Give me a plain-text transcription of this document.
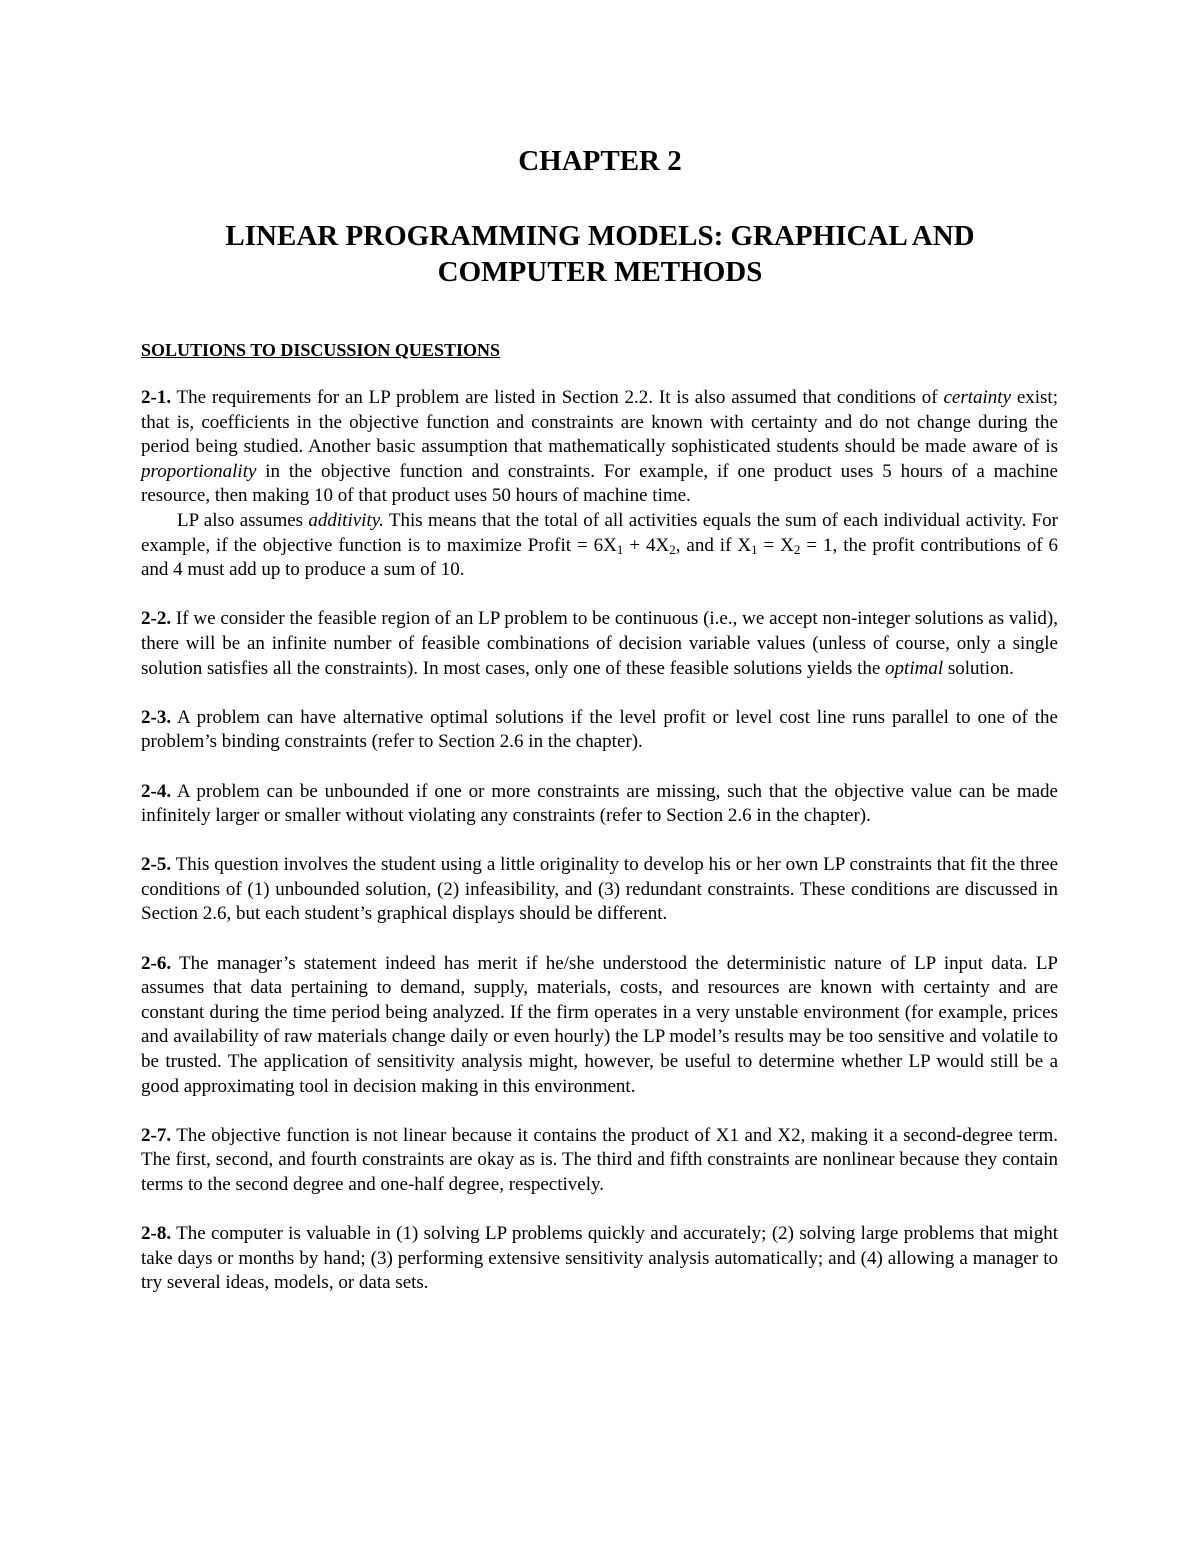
CHAPTER 2
LINEAR PROGRAMMING MODELS: GRAPHICAL AND
COMPUTER METHODS
SOLUTIONS TO DISCUSSION QUESTIONS

2-1. The requirements for an LP problem are listed in Section 2.2. It is also assumed that conditions of certainty exist; that is, coefficients in the objective function and constraints are known with certainty and do not change during the period being studied. Another basic assumption that mathematically sophisticated students should be made aware of is proportionality in the objective function and constraints. For example, if one product uses 5 hours of a machine resource, then making 10 of that product uses 50 hours of machine time.

LP also assumes additivity. This means that the total of all activities equals the sum of each individual activity. For example, if the objective function is to maximize Profit = $6X_1 + 4X_2$, and if $X_1 = X_2 = 1$, the profit contributions of 6 and 4 must add up to produce a sum of 10.

2-2. If we consider the feasible region of an LP problem to be continuous (i.e., we accept non-integer solutions as valid), there will be an infinite number of feasible combinations of decision variable values (unless of course, only a single solution satisfies all the constraints). In most cases, only one of these feasible solutions yields the optimal solution.

2-3. A problem can have alternative optimal solutions if the level profit or level cost line runs parallel to one of the problem’s binding constraints (refer to Section 2.6 in the chapter).

2-4. A problem can be unbounded if one or more constraints are missing, such that the objective value can be made infinitely larger or smaller without violating any constraints (refer to Section 2.6 in the chapter).

2-5. This question involves the student using a little originality to develop his or her own LP constraints that fit the three conditions of (1) unbounded solution, (2) infeasibility, and (3) redundant constraints. These conditions are discussed in Section 2.6, but each student’s graphical displays should be different.

2-6. The manager’s statement indeed has merit if he/she understood the deterministic nature of LP input data. LP assumes that data pertaining to demand, supply, materials, costs, and resources are known with certainty and are constant during the time period being analyzed. If the firm operates in a very unstable environment (for example, prices and availability of raw materials change daily or even hourly) the LP model’s results may be too sensitive and volatile to be trusted. The application of sensitivity analysis might, however, be useful to determine whether LP would still be a good approximating tool in decision making in this environment.

2-7. The objective function is not linear because it contains the product of X1 and X2, making it a second-degree term. The first, second, and fourth constraints are okay as is. The third and fifth constraints are nonlinear because they contain terms to the second degree and one-half degree, respectively.

2-8. The computer is valuable in (1) solving LP problems quickly and accurately; (2) solving large problems that might take days or months by hand; (3) performing extensive sensitivity analysis automatically; and (4) allowing a manager to try several ideas, models, or data sets.
